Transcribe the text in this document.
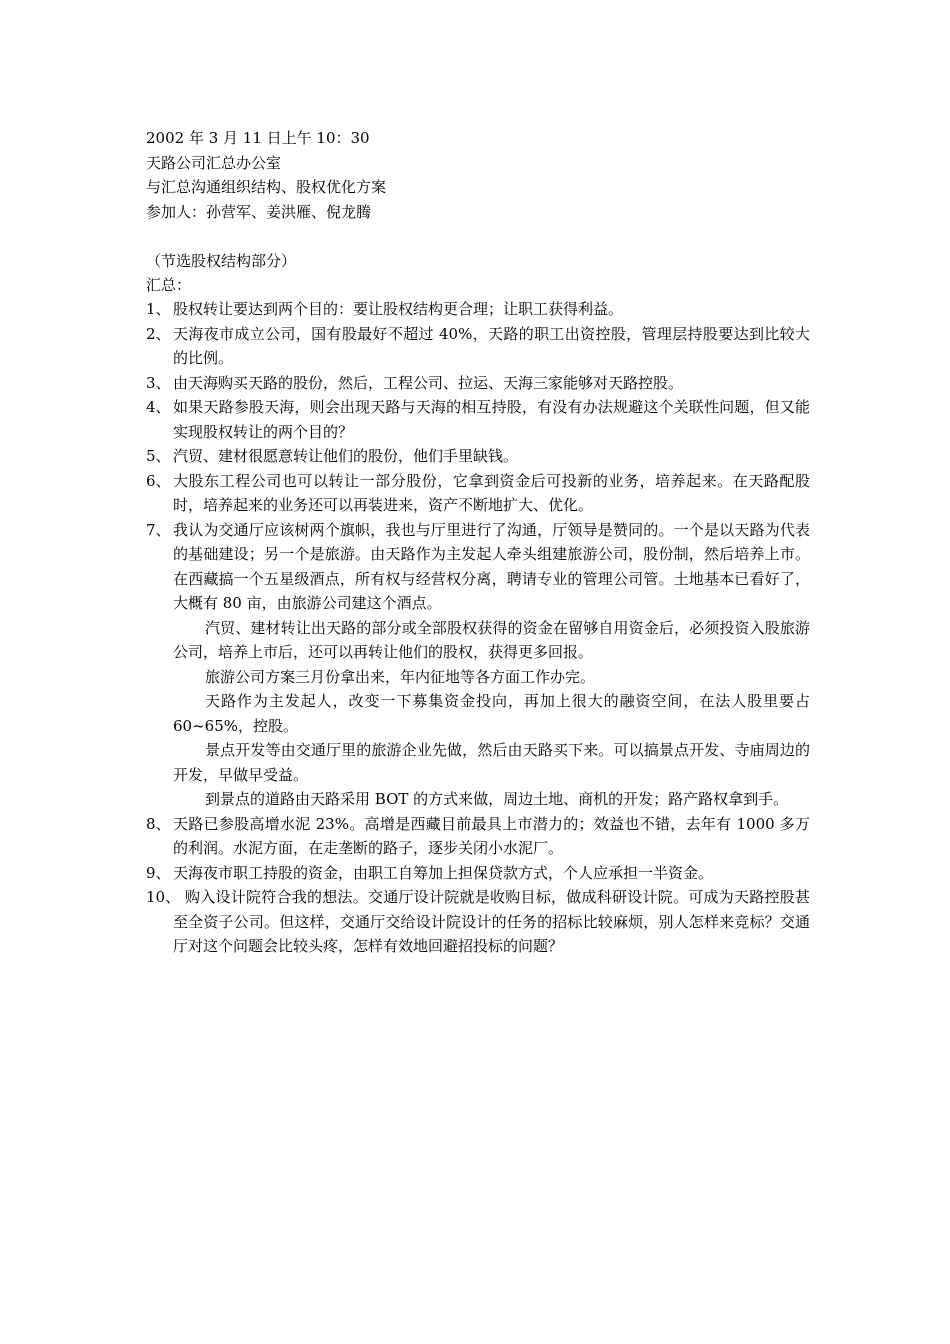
2002 年 3 月 11 日上午 10：30
天路公司汇总办公室
与汇总沟通组织结构、股权优化方案
参加人：孙营军、姜洪雁、倪龙腾
（节选股权结构部分）
汇总：
1、 股权转让要达到两个目的：要让股权结构更合理；让职工获得利益。

2、 天海夜市成立公司，国有股最好不超过 40%，天路的职工出资控股，管理层持股要达到比较大的比例。

3、 由天海购买天路的股份，然后，工程公司、拉运、天海三家能够对天路控股。

4、 如果天路参股天海，则会出现天路与天海的相互持股，有没有办法规避这个关联性问题，但又能实现股权转让的两个目的？

5、 汽贸、建材很愿意转让他们的股份，他们手里缺钱。

6、 大股东工程公司也可以转让一部分股份，它拿到资金后可投新的业务，培养起来。在天路配股时，培养起来的业务还可以再装进来，资产不断地扩大、优化。

7、 我认为交通厅应该树两个旗帜，我也与厅里进行了沟通，厅领导是赞同的。一个是以天路为代表的基础建设；另一个是旅游。由天路作为主发起人牵头组建旅游公司，股份制，然后培养上市。在西藏搞一个五星级酒点，所有权与经营权分离，聘请专业的管理公司管。土地基本已看好了，大概有 80 亩，由旅游公司建这个酒点。

汽贸、建材转让出天路的部分或全部股权获得的资金在留够自用资金后，必须投资入股旅游公司，培养上市后，还可以再转让他们的股权，获得更多回报。

旅游公司方案三月份拿出来，年内征地等各方面工作办完。

天路作为主发起人，改变一下募集资金投向，再加上很大的融资空间，在法人股里要占 60~65%，控股。

景点开发等由交通厅里的旅游企业先做，然后由天路买下来。可以搞景点开发、寺庙周边的开发，早做早受益。

到景点的道路由天路采用 BOT 的方式来做，周边土地、商机的开发；路产路权拿到手。

8、 天路已参股高增水泥 23%。高增是西藏目前最具上市潜力的；效益也不错，去年有 1000 多万的利润。水泥方面，在走垄断的路子，逐步关闭小水泥厂。

9、 天海夜市职工持股的资金，由职工自筹加上担保贷款方式，个人应承担一半资金。

10、 购入设计院符合我的想法。交通厅设计院就是收购目标，做成科研设计院。可成为天路控股甚至全资子公司。但这样，交通厅交给设计院设计的任务的招标比较麻烦，别人怎样来竞标？交通厅对这个问题会比较头疼，怎样有效地回避招投标的问题？
